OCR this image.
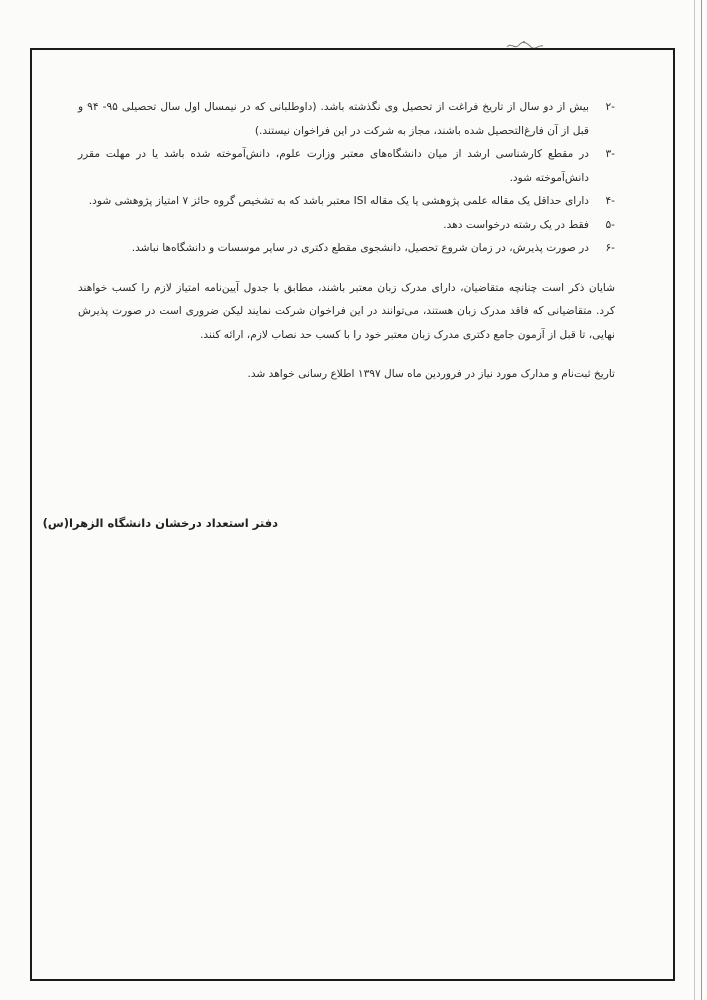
-۲
بیش از دو سال از تاریخ فراغت از تحصیل وی نگذشته باشد. (داوطلبانی که در نیمسال اول سال تحصیلی ۹۵- ۹۴ و قبل از آن فارغ‌التحصیل شده باشند، مجاز به شرکت در این فراخوان نیستند.)
-۳
در مقطع کارشناسی ارشد از میان دانشگاه‌های معتبر وزارت علوم، دانش‌آموخته شده باشد یا در مهلت مقرر دانش‌آموخته شود.
-۴
دارای حداقل یک مقاله علمی پژوهشی یا یک مقاله ISI معتبر باشد که به تشخیص گروه حائز ۷ امتیاز پژوهشی شود.
-۵
فقط در یک رشته درخواست دهد.
-۶
در صورت پذیرش، در زمان شروع تحصیل، دانشجوی مقطع دکتری در سایر موسسات و دانشگاه‌ها نباشد.
شایان ذکر است چنانچه متقاضیان، دارای مدرک زبان معتبر باشند، مطابق با جدول آیین‌نامه امتیاز لازم را کسب خواهند کرد. متقاضیانی که فاقد مدرک زبان هستند، می‌توانند در این فراخوان شرکت نمایند لیکن ضروری است در صورت پذیرش نهایی، تا قبل از آزمون جامع دکتری مدرک زبان معتبر خود را با کسب حد نصاب لازم، ارائه کنند.
تاریخ ثبت‌نام و مدارک مورد نیاز در فروردین ماه سال ۱۳۹۷ اطلاع رسانی خواهد شد.
دفتر استعداد درخشان دانشگاه الزهرا(س)
